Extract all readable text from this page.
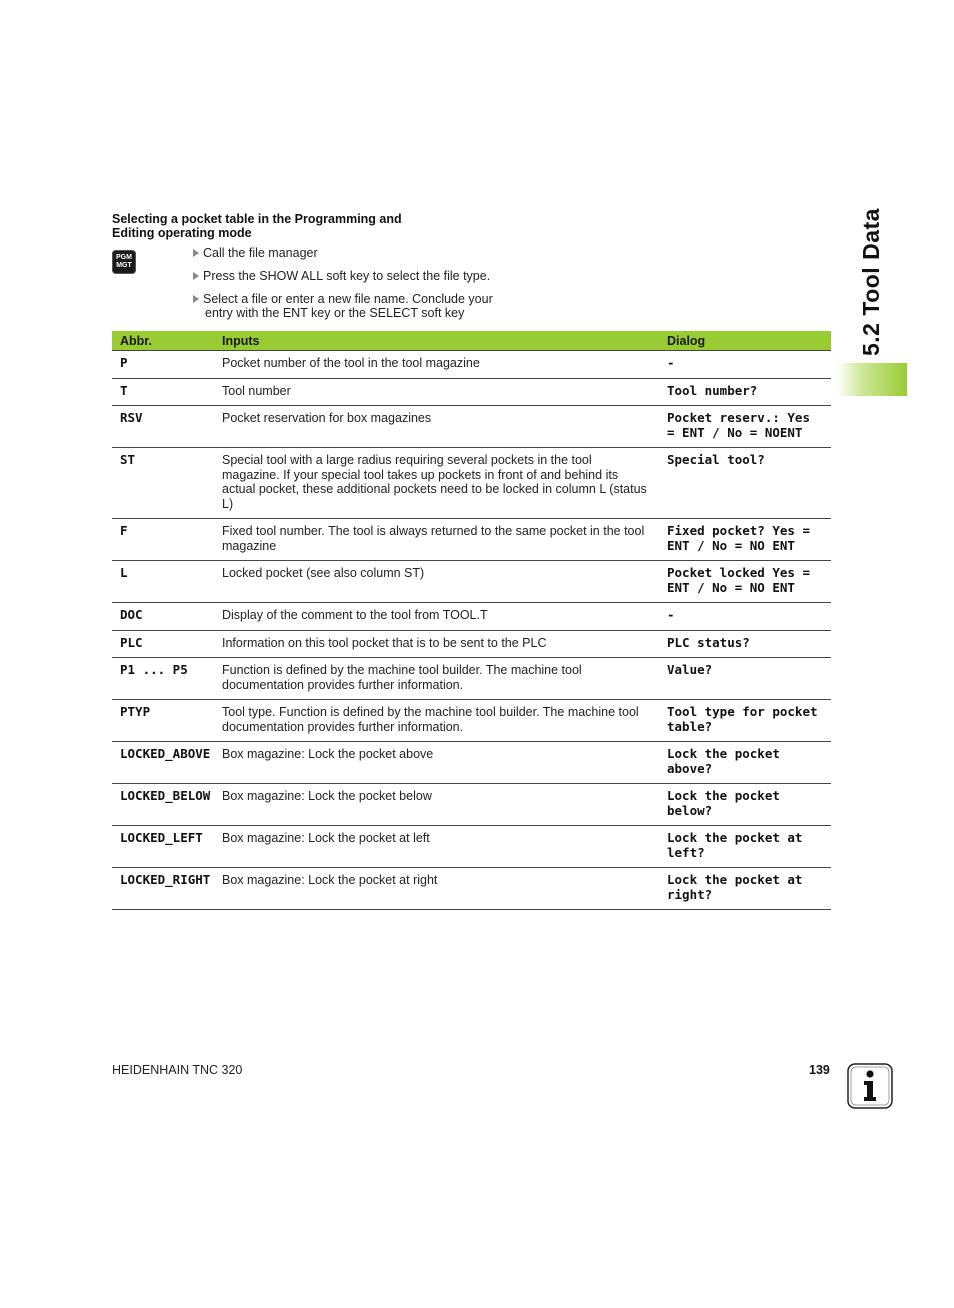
Selecting a pocket table in the Programming and
Editing operating mode
PGM
MGT
Call the file manager
Press the SHOW ALL soft key to select the file type.
Select a file or enter a new file name. Conclude your
entry with the ENT key or the SELECT soft key
Abbr.	Inputs	Dialog
P	Pocket number of the tool in the tool magazine	-
T	Tool number	Tool number?
RSV	Pocket reservation for box magazines	Pocket reserv.: Yes = ENT / No = NOENT
ST	Special tool with a large radius requiring several pockets in the tool magazine. If your special tool takes up pockets in front of and behind its actual pocket, these additional pockets need to be locked in column L (status L)	Special tool?
F	Fixed tool number. The tool is always returned to the same pocket in the tool magazine	Fixed pocket? Yes = ENT / No = NO ENT
L	Locked pocket (see also column ST)	Pocket locked Yes = ENT / No = NO ENT
DOC	Display of the comment to the tool from TOOL.T	-
PLC	Information on this tool pocket that is to be sent to the PLC	PLC status?
P1 ... P5	Function is defined by the machine tool builder. The machine tool documentation provides further information.	Value?
PTYP	Tool type. Function is defined by the machine tool builder. The machine tool documentation provides further information.	Tool type for pocket table?
LOCKED_ABOVE	Box magazine: Lock the pocket above	Lock the pocket above?
LOCKED_BELOW	Box magazine: Lock the pocket below	Lock the pocket below?
LOCKED_LEFT	Box magazine: Lock the pocket at left	Lock the pocket at left?
LOCKED_RIGHT	Box magazine: Lock the pocket at right	Lock the pocket at right?
5.2 Tool Data
HEIDENHAIN TNC 320	139
